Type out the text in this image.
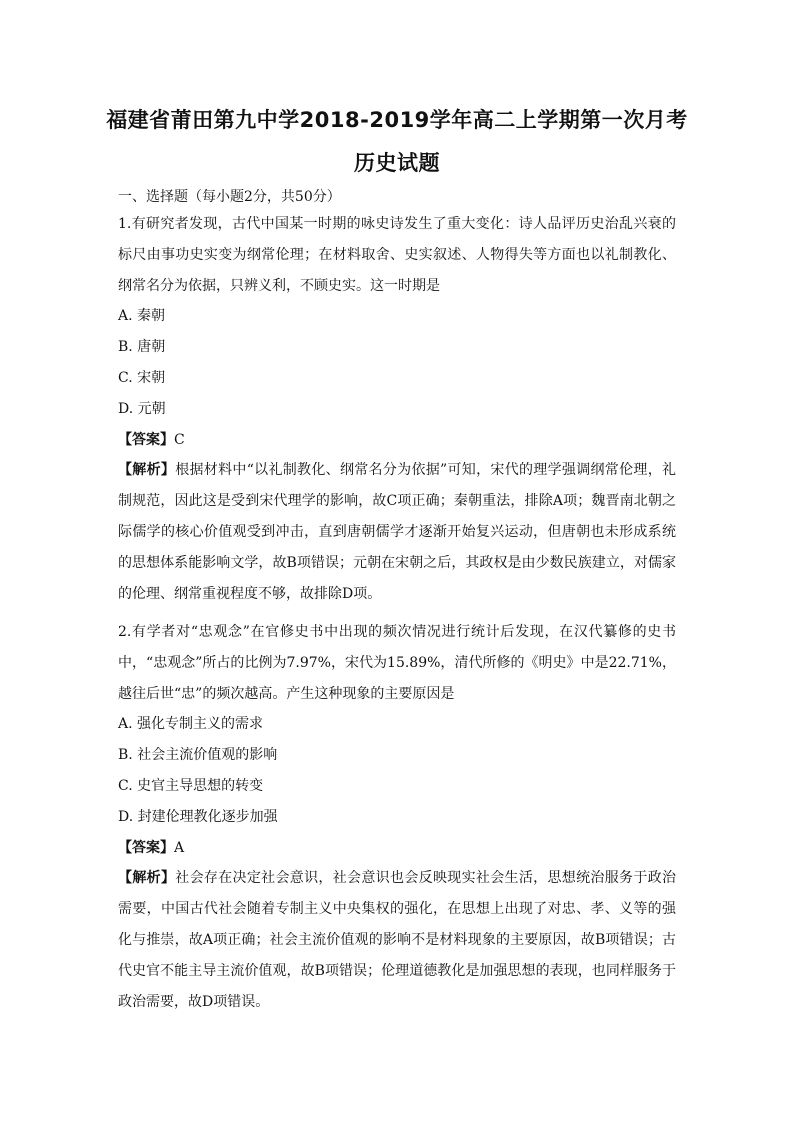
福建省莆田第九中学2018-2019学年高二上学期第一次月考
历史试题
一、选择题（每小题2分，共50分）

1.有研究者发现，古代中国某一时期的咏史诗发生了重大变化：诗人品评历史治乱兴衰的标尺由事功史实变为纲常伦理；在材料取舍、史实叙述、人物得失等方面也以礼制教化、纲常名分为依据，只辨义利，不顾史实。这一时期是

A. 秦朝

B. 唐朝

C. 宋朝

D. 元朝

【答案】C

【解析】根据材料中“以礼制教化、纲常名分为依据”可知，宋代的理学强调纲常伦理，礼制规范，因此这是受到宋代理学的影响，故C项正确；秦朝重法，排除A项；魏晋南北朝之际儒学的核心价值观受到冲击，直到唐朝儒学才逐渐开始复兴运动，但唐朝也未形成系统的思想体系能影响文学，故B项错误；元朝在宋朝之后，其政权是由少数民族建立，对儒家的伦理、纲常重视程度不够，故排除D项。

2.有学者对“忠观念”在官修史书中出现的频次情况进行统计后发现，在汉代纂修的史书中，“忠观念”所占的比例为7.97%，宋代为15.89%，清代所修的《明史》中是22.71%，越往后世“忠”的频次越高。产生这种现象的主要原因是

A. 强化专制主义的需求

B. 社会主流价值观的影响

C. 史官主导思想的转变

D. 封建伦理教化逐步加强

【答案】A

【解析】社会存在决定社会意识，社会意识也会反映现实社会生活，思想统治服务于政治需要，中国古代社会随着专制主义中央集权的强化，在思想上出现了对忠、孝、义等的强化与推崇，故A项正确；社会主流价值观的影响不是材料现象的主要原因，故B项错误；古代史官不能主导主流价值观，故B项错误；伦理道德教化是加强思想的表现，也同样服务于政治需要，故D项错误。
